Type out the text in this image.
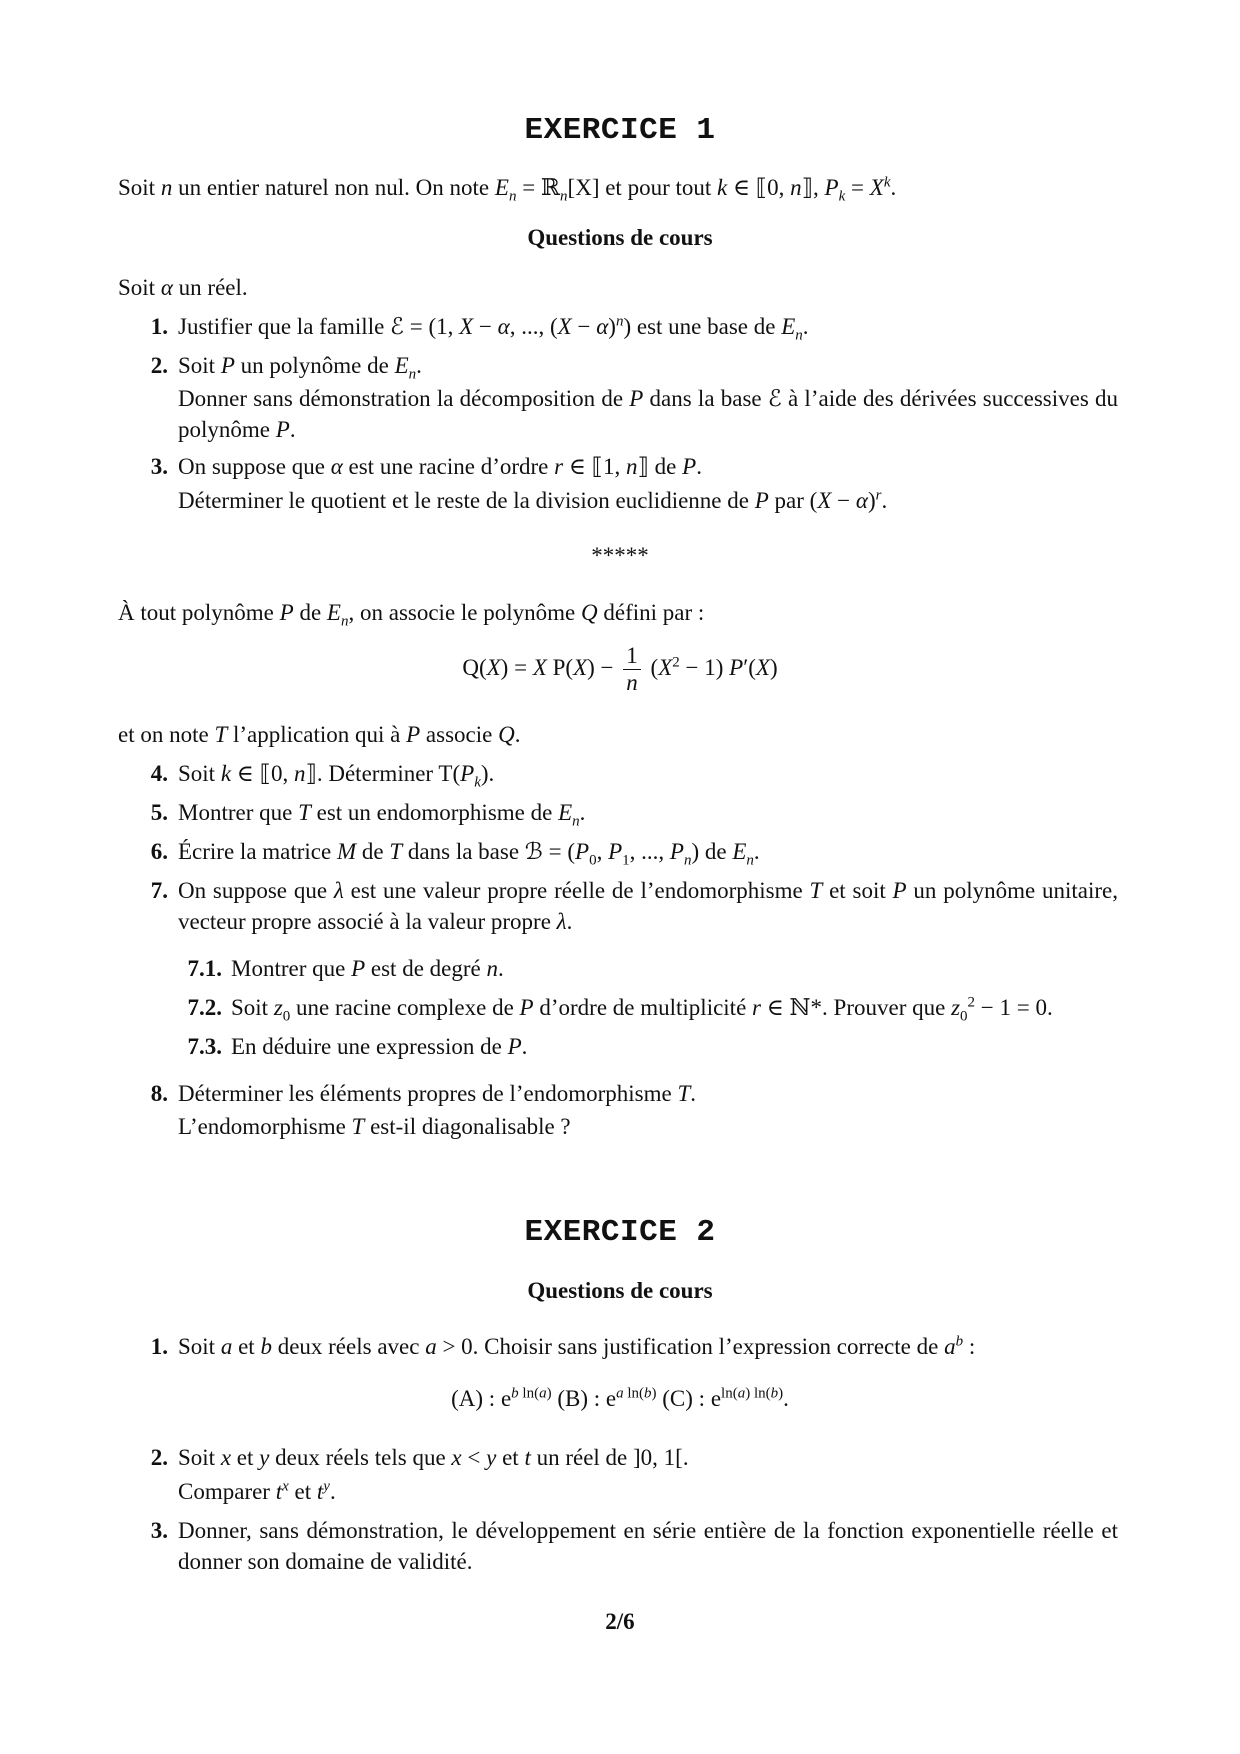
EXERCICE 1
Soit n un entier naturel non nul. On note $E_n$ = ℝ$_n$[X] et pour tout k ∈ ⟦0, n⟧, $P_k = X^k$.
Questions de cours
Soit α un réel.
1. Justifier que la famille ℰ = (1, X − α, ..., $(X - \alpha)^n$) est une base de $E_n$.
2. Soit P un polynôme de $E_n$.
Donner sans démonstration la décomposition de P dans la base ℰ à l’aide des dérivées successives du polynôme P.
3. On suppose que α est une racine d’ordre r ∈ ⟦1, n⟧ de P.
Déterminer le quotient et le reste de la division euclidienne de P par $(X - \alpha)^r$.
*****
À tout polynôme P de $E_n$, on associe le polynôme Q défini par :
Q(X) = X $P(X) - \frac{1}{n} (X^2 - 1)$ P′(X)
et on note T l’application qui à P associe Q.
4. Soit k ∈ ⟦0, n⟧. Déterminer $T(P_k)$.
5. Montrer que T est un endomorphisme de $E_n$.
6. Écrire la matrice M de T dans la base ℬ = ($P_0$, $P_1$, ..., $P_n$) de $E_n$.
7. On suppose que λ est une valeur propre réelle de l’endomorphisme T et soit P un polynôme unitaire, vecteur propre associé à la valeur propre λ.
7.1. Montrer que P est de degré n.
7.2. Soit $z_0$ une racine complexe de P d’ordre de multiplicité r ∈ ℕ*. Prouver que $z_0^2 - 1 = 0$.
7.3. En déduire une expression de P.
8. Déterminer les éléments propres de l’endomorphisme T.
L’endomorphisme T est-il diagonalisable ?
EXERCICE 2
Questions de cours
1. Soit a et b deux réels avec a > 0. Choisir sans justification l’expression correcte de $a^b$ :
(A) : $e^{b ln(a)}$ (B) : $e^{a ln(b)}$ (C) : $e^{ln(a) ln(b)}$.
2. Soit x et y deux réels tels que x < y et t un réel de ]0, 1[.
Comparer $t^x$ et $t^y$.
3. Donner, sans démonstration, le développement en série entière de la fonction exponentielle réelle et donner son domaine de validité.
2/6
